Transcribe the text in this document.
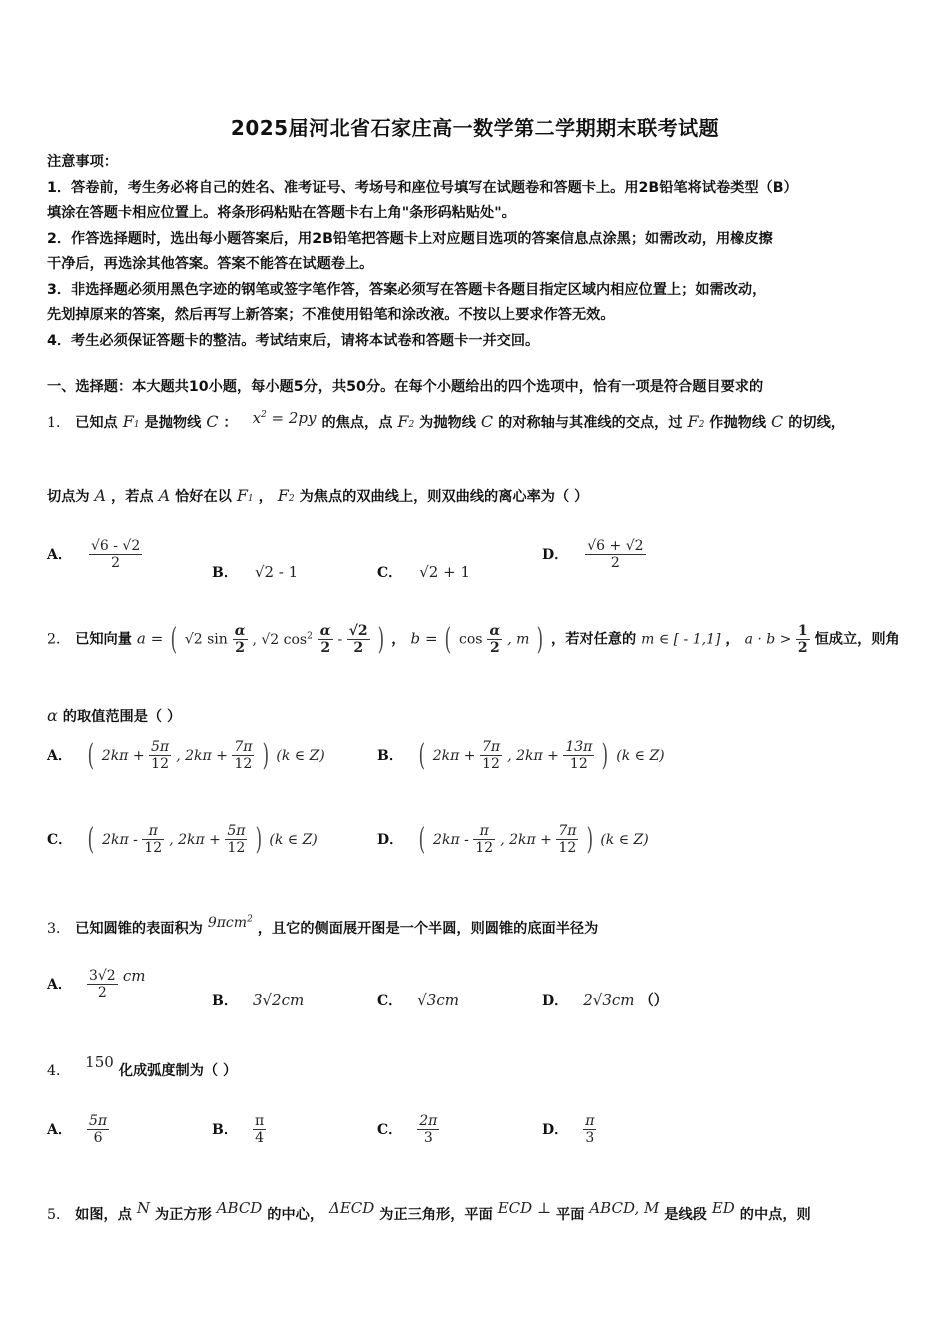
2025届河北省石家庄高一数学第二学期期末联考试题
注意事项：
1．答卷前，考生务必将自己的姓名、准考证号、考场号和座位号填写在试题卷和答题卡上。用2B铅笔将试卷类型（B）
填涂在答题卡相应位置上。将条形码粘贴在答题卡右上角"条形码粘贴处"。
2．作答选择题时，选出每小题答案后，用2B铅笔把答题卡上对应题目选项的答案信息点涂黑；如需改动，用橡皮擦
干净后，再选涂其他答案。答案不能答在试题卷上。
3．非选择题必须用黑色字迹的钢笔或签字笔作答，答案必须写在答题卡各题目指定区域内相应位置上；如需改动，
先划掉原来的答案，然后再写上新答案；不准使用铅笔和涂改液。不按以上要求作答无效。
4．考生必须保证答题卡的整洁。考试结束后，请将本试卷和答题卡一并交回。
一、选择题：本大题共10小题，每小题5分，共50分。在每个小题给出的四个选项中，恰有一项是符合题目要求的
1． 已知点 F1 是抛物线 C ： $x^2 = 2py$ 的焦点，点 F2 为抛物线 C 的对称轴与其准线的交点，过 F2 作抛物线 C 的切线，
切点为 A ，若点 A 恰好在以 F1 ， F2 为焦点的双曲线上，则双曲线的离心率为（ ）
A． $\frac{√6 - √2}{2}$
B． √2 - 1	C． √2 + 1
D． $\frac{√6 + √2}{2}$
2． 已知向量 a = ( √2 $\sin \frac{\alpha}{2}$ , √2 $\cos^2 \frac{\alpha}{2} - \frac{√2}{2}$ ) ， b = ( $\cos \frac{\alpha}{2}$ , m ) ，若对任意的 m ∈ [ - 1,1] ， $a \cdot b > \frac{1}{2}$ 恒成立，则角
α 的取值范围是（ ）
A． ( $2k\pi + \frac{5\pi}{12}$ , $2k\pi + \frac{7\pi}{12}$ ) (k ∈ Z)	B． ( $2k\pi + \frac{7\pi}{12}$ , $2k\pi + \frac{13\pi}{12}$ ) (k ∈ Z)
C． ( $2k\pi - \frac{\pi}{12}$ , $2k\pi + \frac{5\pi}{12}$ ) (k ∈ Z)	D． ( $2k\pi - \frac{\pi}{12}$ , $2k\pi + \frac{7\pi}{12}$ ) (k ∈ Z)
3． 已知圆锥的表面积为 9πcm$^2$ ，且它的侧面展开图是一个半圆，则圆锥的底面半径为
A． $\frac{3√2}{2}$ cm
B． 3√2cm	C． √3cm	D． 2√3cm （）
4． 150 化成弧度制为（ ）
A． $\frac{5\pi}{6}$	B． $\frac{\pi}{4}$	C． $\frac{2\pi}{3}$	D． $\frac{\pi}{3}$
5． 如图，点 N 为正方形 ABCD 的中心， ΔECD 为正三角形，平面 ECD ⊥ 平面 ABCD, M 是线段 ED 的中点，则
